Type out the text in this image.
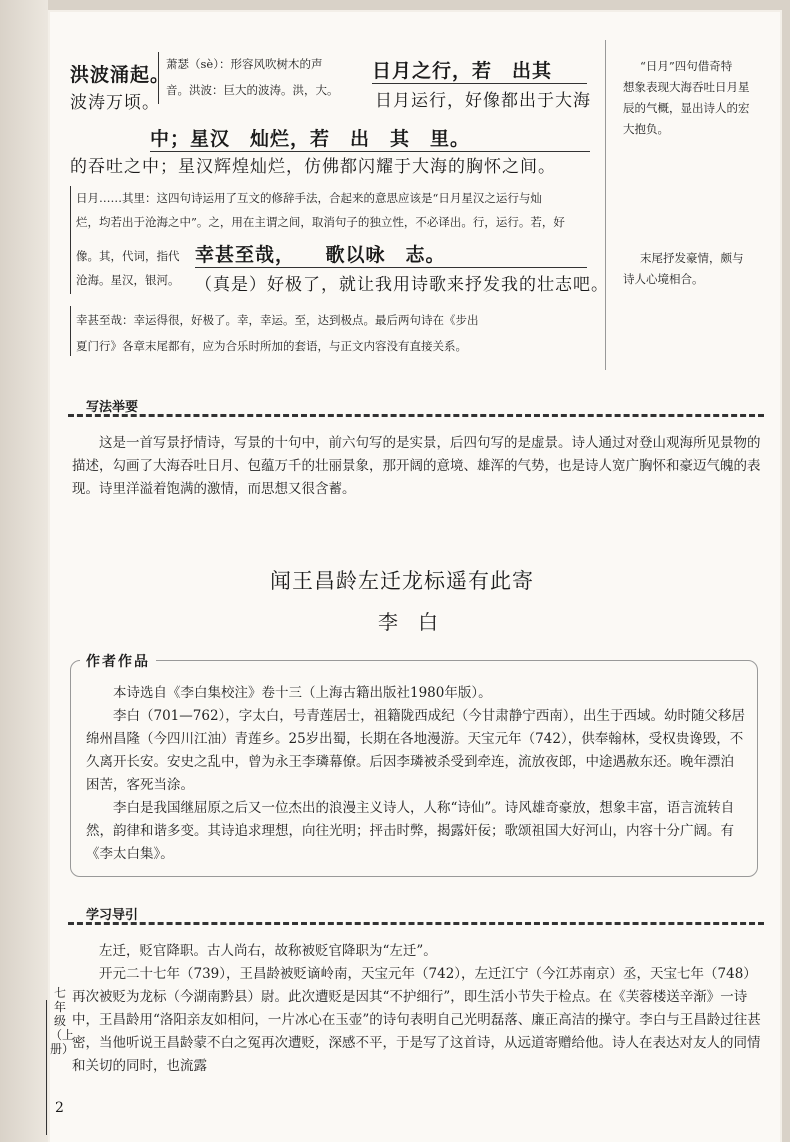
洪波涌起。
波涛万顷。
萧瑟（sè）：形容风吹树木的声
音。洪波：巨大的波涛。洪，大。
日月之行，若　出其
日月运行，好像都出于大海
中；星汉　灿烂，若　出　其　里。
的吞吐之中；星汉辉煌灿烂，仿佛都闪耀于大海的胸怀之间。
日月……其里：这四句诗运用了互文的修辞手法，合起来的意思应该是“日月星汉之运行与灿
烂，均若出于沧海之中”。之，用在主谓之间，取消句子的独立性，不必译出。行，运行。若，好
像。其，代词，指代
沧海。星汉，银河。
幸甚至哉，　　歌以咏　志。
（真是）好极了，就让我用诗歌来抒发我的壮志吧。
幸甚至哉：幸运得很，好极了。幸，幸运。至，达到极点。最后两句诗在《步出
夏门行》各章末尾都有，应为合乐时所加的套语，与正文内容没有直接关系。
“日月”四句借奇特
想象表现大海吞吐日月星
辰的气概，显出诗人的宏
大抱负。
末尾抒发豪情，颇与
诗人心境相合。
写法举要

这是一首写景抒情诗，写景的十句中，前六句写的是实景，后四句写的是虚景。诗人通过对登山观海所见景物的描述，勾画了大海吞吐日月、包蕴万千的壮丽景象，那开阔的意境、雄浑的气势，也是诗人宽广胸怀和豪迈气魄的表现。诗里洋溢着饱满的激情，而思想又很含蓄。

闻王昌龄左迁龙标遥有此寄
李　白
作者作品

本诗选自《李白集校注》卷十三（上海古籍出版社1980年版）。

李白（701—762），字太白，号青莲居士，祖籍陇西成纪（今甘肃静宁西南），出生于西域。幼时随父移居绵州昌隆（今四川江油）青莲乡。25岁出蜀，长期在各地漫游。天宝元年（742），供奉翰林，受权贵谗毁，不久离开长安。安史之乱中，曾为永王李璘幕僚。后因李璘被杀受到牵连，流放夜郎，中途遇赦东还。晚年漂泊困苦，客死当涂。

李白是我国继屈原之后又一位杰出的浪漫主义诗人，人称“诗仙”。诗风雄奇豪放，想象丰富，语言流转自然，韵律和谐多变。其诗追求理想，向往光明；抨击时弊，揭露奸佞；歌颂祖国大好河山，内容十分广阔。有《李太白集》。

学习导引

左迁，贬官降职。古人尚右，故称被贬官降职为“左迁”。

开元二十七年（739），王昌龄被贬谪岭南，天宝元年（742），左迁江宁（今江苏南京）丞，天宝七年（748）再次被贬为龙标（今湖南黔县）尉。此次遭贬是因其“不护细行”，即生活小节失于检点。在《芙蓉楼送辛渐》一诗中，王昌龄用“洛阳亲友如相问，一片冰心在玉壶”的诗句表明自己光明磊落、廉正高洁的操守。李白与王昌龄过往甚密，当他听说王昌龄蒙不白之冤再次遭贬，深感不平，于是写了这首诗，从远道寄赠给他。诗人在表达对友人的同情和关切的同时，也流露

七年级（上册）
2
